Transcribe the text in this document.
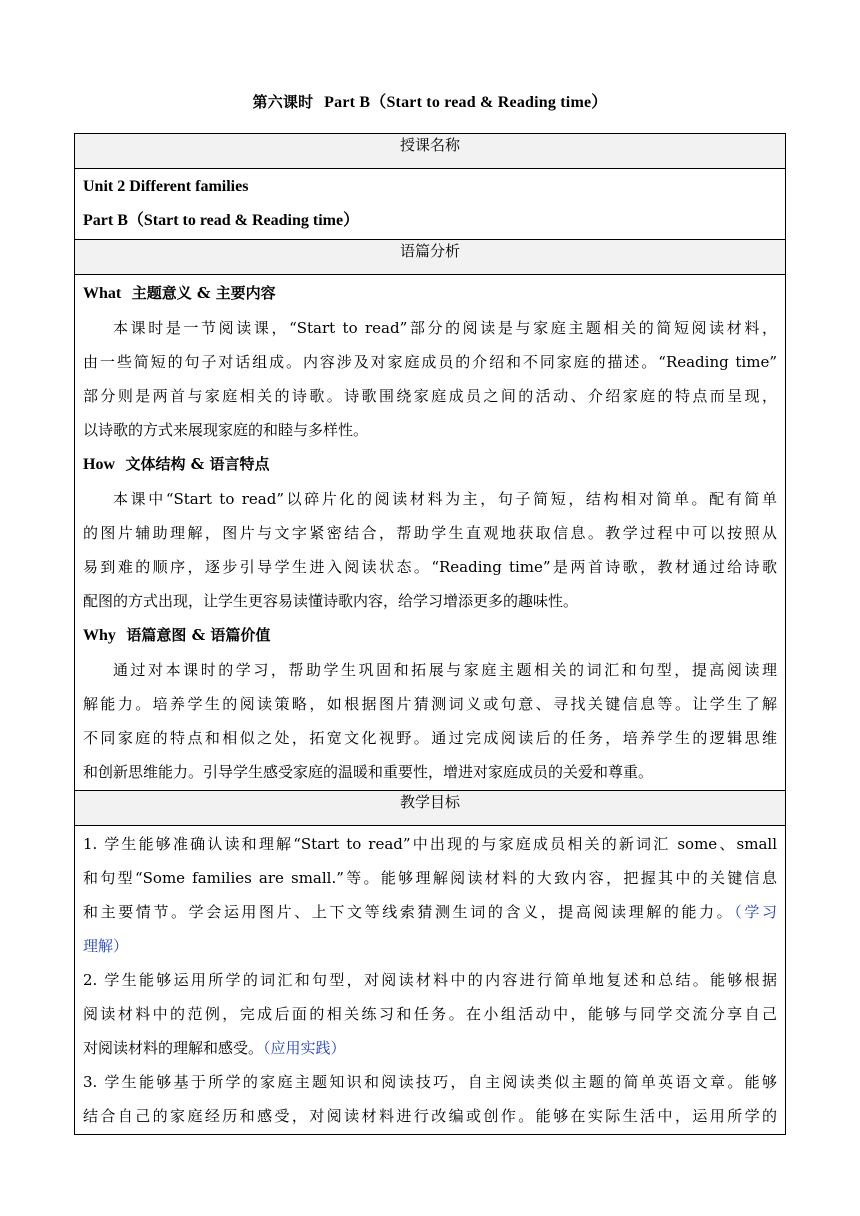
第六课时 Part B（Start to read & Reading time）
授课名称

Unit 2 Different families
Part B（Start to read & Reading time）

语篇分析

What 主题意义 & 主要内容
本课时是一节阅读课，“Start to read”部分的阅读是与家庭主题相关的简短阅读材料，
由一些简短的句子对话组成。内容涉及对家庭成员的介绍和不同家庭的描述。“Reading time”
部分则是两首与家庭相关的诗歌。诗歌围绕家庭成员之间的活动、介绍家庭的特点而呈现，
以诗歌的方式来展现家庭的和睦与多样性。
How 文体结构 & 语言特点
本课中“Start to read”以碎片化的阅读材料为主，句子简短，结构相对简单。配有简单
的图片辅助理解，图片与文字紧密结合，帮助学生直观地获取信息。教学过程中可以按照从
易到难的顺序，逐步引导学生进入阅读状态。“Reading time”是两首诗歌，教材通过给诗歌
配图的方式出现，让学生更容易读懂诗歌内容，给学习增添更多的趣味性。
Why 语篇意图 & 语篇价值
通过对本课时的学习，帮助学生巩固和拓展与家庭主题相关的词汇和句型，提高阅读理
解能力。培养学生的阅读策略，如根据图片猜测词义或句意、寻找关键信息等。让学生了解
不同家庭的特点和相似之处，拓宽文化视野。通过完成阅读后的任务，培养学生的逻辑思维
和创新思维能力。引导学生感受家庭的温暖和重要性，增进对家庭成员的关爱和尊重。

教学目标

1. 学生能够准确认读和理解“Start to read”中出现的与家庭成员相关的新词汇 some、small
和句型“Some families are small.”等。能够理解阅读材料的大致内容，把握其中的关键信息
和主要情节。学会运用图片、上下文等线索猜测生词的含义，提高阅读理解的能力。（学习
理解）
2. 学生能够运用所学的词汇和句型，对阅读材料中的内容进行简单地复述和总结。能够根据
阅读材料中的范例，完成后面的相关练习和任务。在小组活动中，能够与同学交流分享自己
对阅读材料的理解和感受。（应用实践）
3. 学生能够基于所学的家庭主题知识和阅读技巧，自主阅读类似主题的简单英语文章。能够
结合自己的家庭经历和感受，对阅读材料进行改编或创作。能够在实际生活中，运用所学的
